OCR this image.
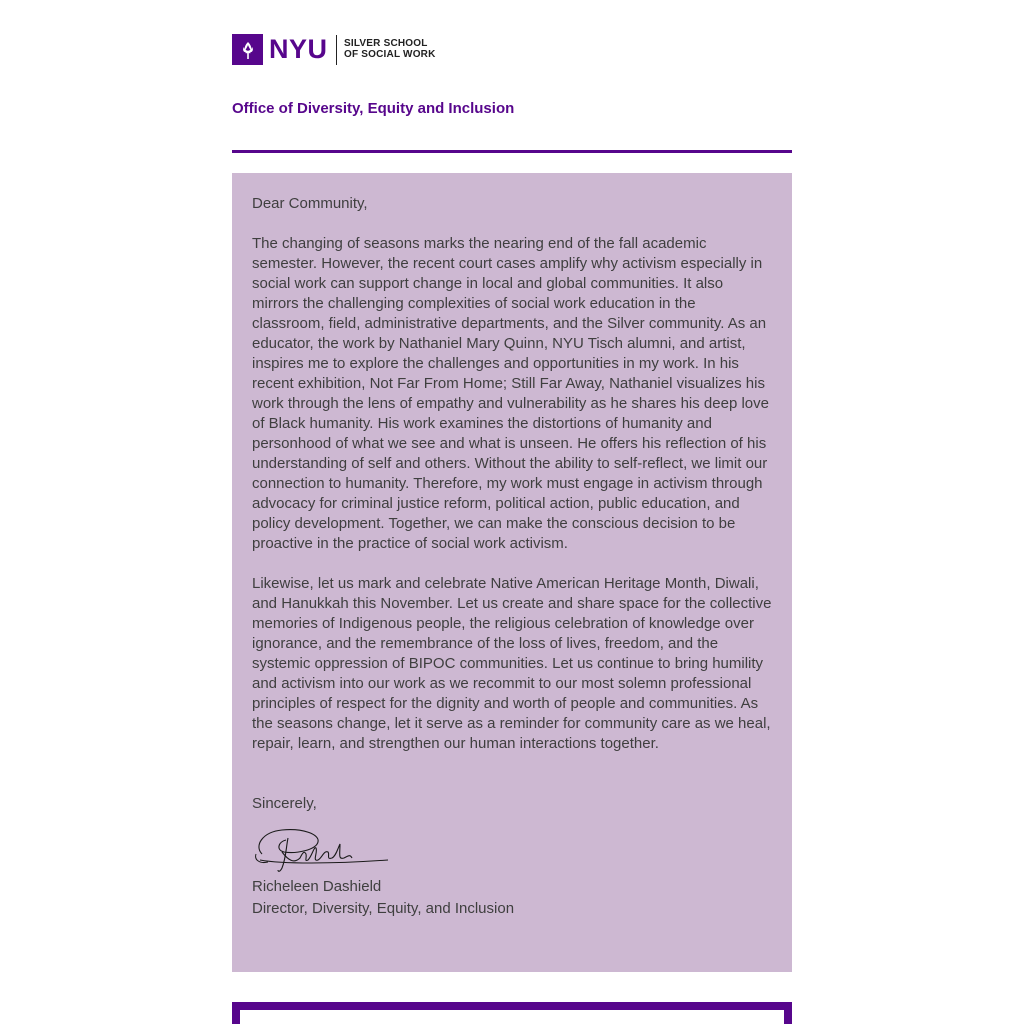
NYU SILVER SCHOOL
OF SOCIAL WORK
Office of Diversity, Equity and Inclusion

Dear Community,

The changing of seasons marks the nearing end of the fall academic semester. However, the recent court cases amplify why activism especially in social work can support change in local and global communities. It also mirrors the challenging complexities of social work education in the classroom, field, administrative departments, and the Silver community. As an educator, the work by Nathaniel Mary Quinn, NYU Tisch alumni, and artist, inspires me to explore the challenges and opportunities in my work. In his recent exhibition, Not Far From Home; Still Far Away, Nathaniel visualizes his work through the lens of empathy and vulnerability as he shares his deep love of Black humanity. His work examines the distortions of humanity and personhood of what we see and what is unseen. He offers his reflection of his understanding of self and others. Without the ability to self-reflect, we limit our connection to humanity. Therefore, my work must engage in activism through advocacy for criminal justice reform, political action, public education, and policy development. Together, we can make the conscious decision to be proactive in the practice of social work activism.

Likewise, let us mark and celebrate Native American Heritage Month, Diwali, and Hanukkah this November. Let us create and share space for the collective memories of Indigenous people, the religious celebration of knowledge over ignorance, and the remembrance of the loss of lives, freedom, and the systemic oppression of BIPOC communities. Let us continue to bring humility and activism into our work as we recommit to our most solemn professional principles of respect for the dignity and worth of people and communities. As the seasons change, let it serve as a reminder for community care as we heal, repair, learn, and strengthen our human interactions together.

Sincerely,

Richeleen Dashield

Director, Diversity, Equity, and Inclusion
